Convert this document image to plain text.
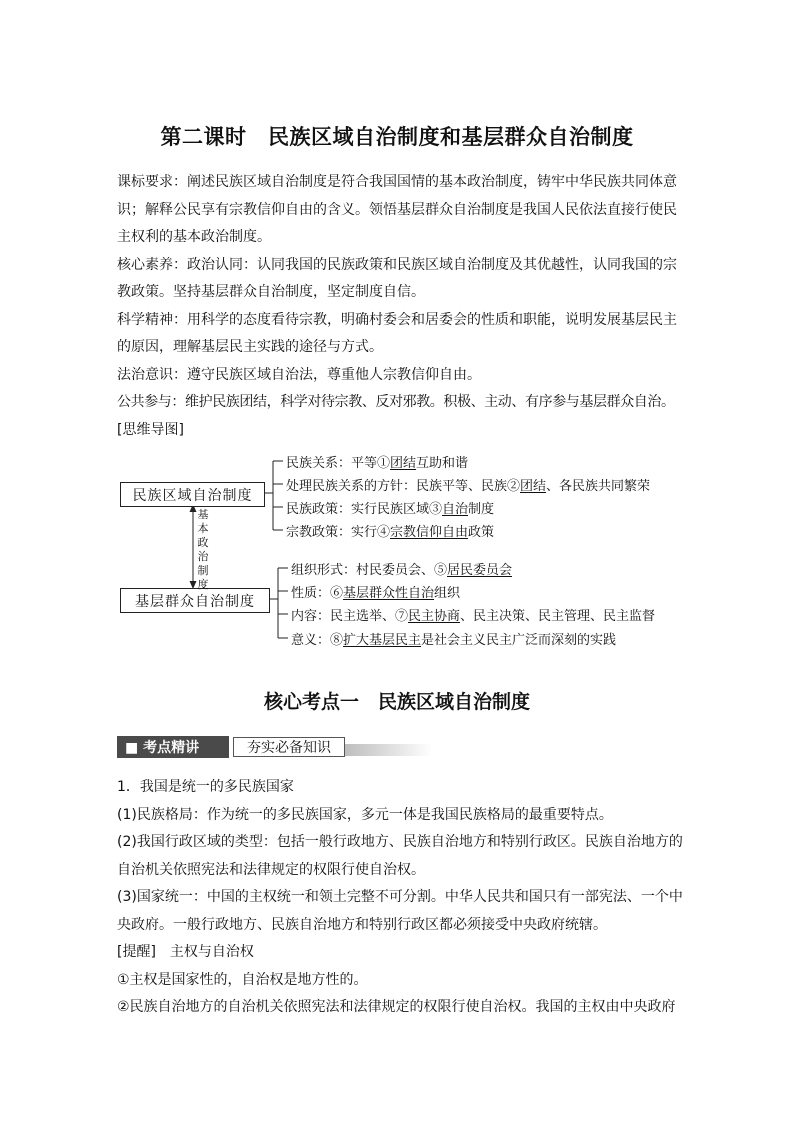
第二课时　民族区域自治制度和基层群众自治制度
课标要求：阐述民族区域自治制度是符合我国国情的基本政治制度，铸牢中华民族共同体意
识；解释公民享有宗教信仰自由的含义。领悟基层群众自治制度是我国人民依法直接行使民
主权利的基本政治制度。
核心素养：政治认同：认同我国的民族政策和民族区域自治制度及其优越性，认同我国的宗
教政策。坚持基层群众自治制度，坚定制度自信。
科学精神：用科学的态度看待宗教，明确村委会和居委会的性质和职能，说明发展基层民主
的原因，理解基层民主实践的途径与方式。
法治意识：遵守民族区域自治法，尊重他人宗教信仰自由。
公共参与：维护民族团结，科学对待宗教、反对邪教。积极、主动、有序参与基层群众自治。
[思维导图]
民族区域自治制度
基层群众自治制度
基本政治制度
民族关系：平等①团结互助和谐
处理民族关系的方针：民族平等、民族②团结、各民族共同繁荣
民族政策：实行民族区域③自治制度
宗教政策：实行④宗教信仰自由政策
组织形式：村民委员会、⑤居民委员会
性质：⑥基层群众性自治组织
内容：民主选举、⑦民主协商、民主决策、民主管理、民主监督
意义：⑧扩大基层民主是社会主义民主广泛而深刻的实践
核心考点一　民族区域自治制度
■ 考点精讲	夯实必备知识
1．我国是统一的多民族国家
(1)民族格局：作为统一的多民族国家，多元一体是我国民族格局的最重要特点。
(2)我国行政区域的类型：包括一般行政地方、民族自治地方和特别行政区。民族自治地方的
自治机关依照宪法和法律规定的权限行使自治权。
(3)国家统一：中国的主权统一和领土完整不可分割。中华人民共和国只有一部宪法、一个中
央政府。一般行政地方、民族自治地方和特别行政区都必须接受中央政府统辖。
[提醒]　主权与自治权
①主权是国家性的，自治权是地方性的。
②民族自治地方的自治机关依照宪法和法律规定的权限行使自治权。我国的主权由中央政府
